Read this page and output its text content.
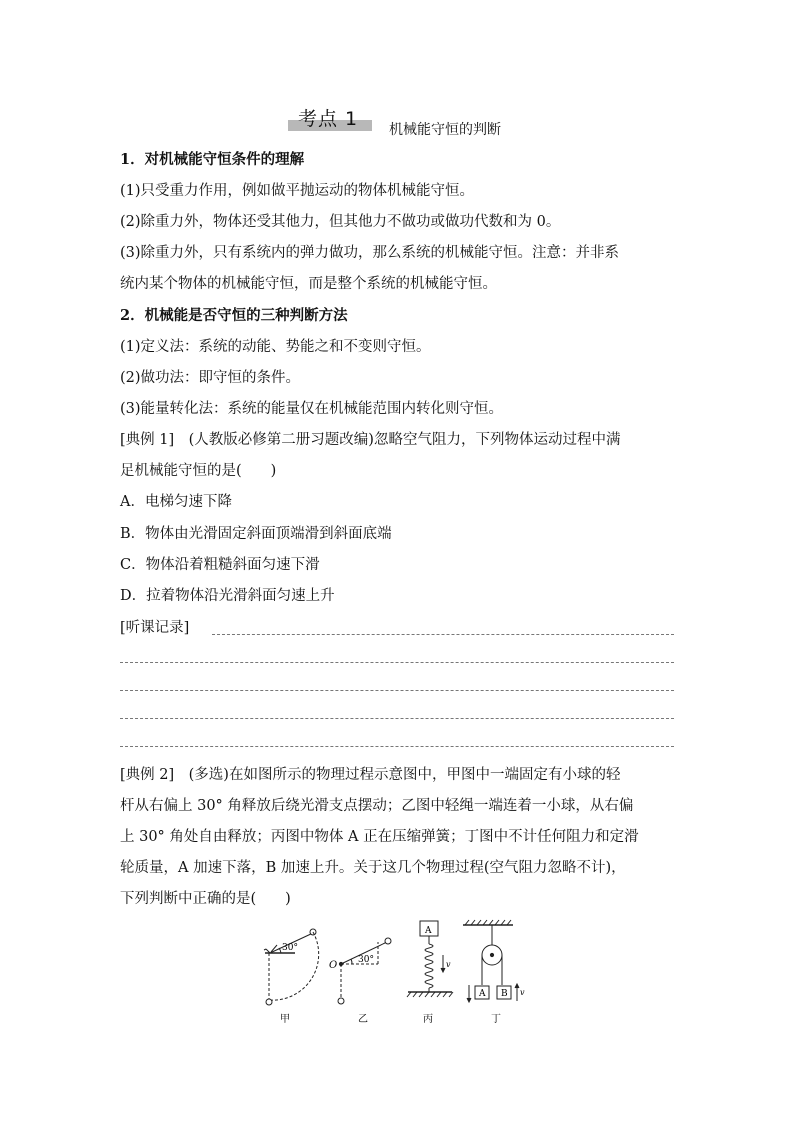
考点 1 机械能守恒的判断
1．对机械能守恒条件的理解
(1)只受重力作用，例如做平抛运动的物体机械能守恒。
(2)除重力外，物体还受其他力，但其他力不做功或做功代数和为 0。
(3)除重力外，只有系统内的弹力做功，那么系统的机械能守恒。注意：并非系
统内某个物体的机械能守恒，而是整个系统的机械能守恒。
2．机械能是否守恒的三种判断方法
(1)定义法：系统的动能、势能之和不变则守恒。
(2)做功法：即守恒的条件。
(3)能量转化法：系统的能量仅在机械能范围内转化则守恒。
[典例 1]　(人教版必修第二册习题改编)忽略空气阻力，下列物体运动过程中满
足机械能守恒的是(　　)
A．电梯匀速下降
B．物体由光滑固定斜面顶端滑到斜面底端
C．物体沿着粗糙斜面匀速下滑
D．拉着物体沿光滑斜面匀速上升
[听课记录]
[典例 2]　(多选)在如图所示的物理过程示意图中，甲图中一端固定有小球的轻
杆从右偏上 30° 角释放后绕光滑支点摆动；乙图中轻绳一端连着一小球，从右偏
上 30° 角处自由释放；丙图中物体 A 正在压缩弹簧；丁图中不计任何阻力和定滑
轮质量，A 加速下落，B 加速上升。关于这几个物理过程(空气阻力忽略不计)，
下列判断中正确的是(　　)
30°
O 30°
A
v
A B v
甲	乙	丙	丁
